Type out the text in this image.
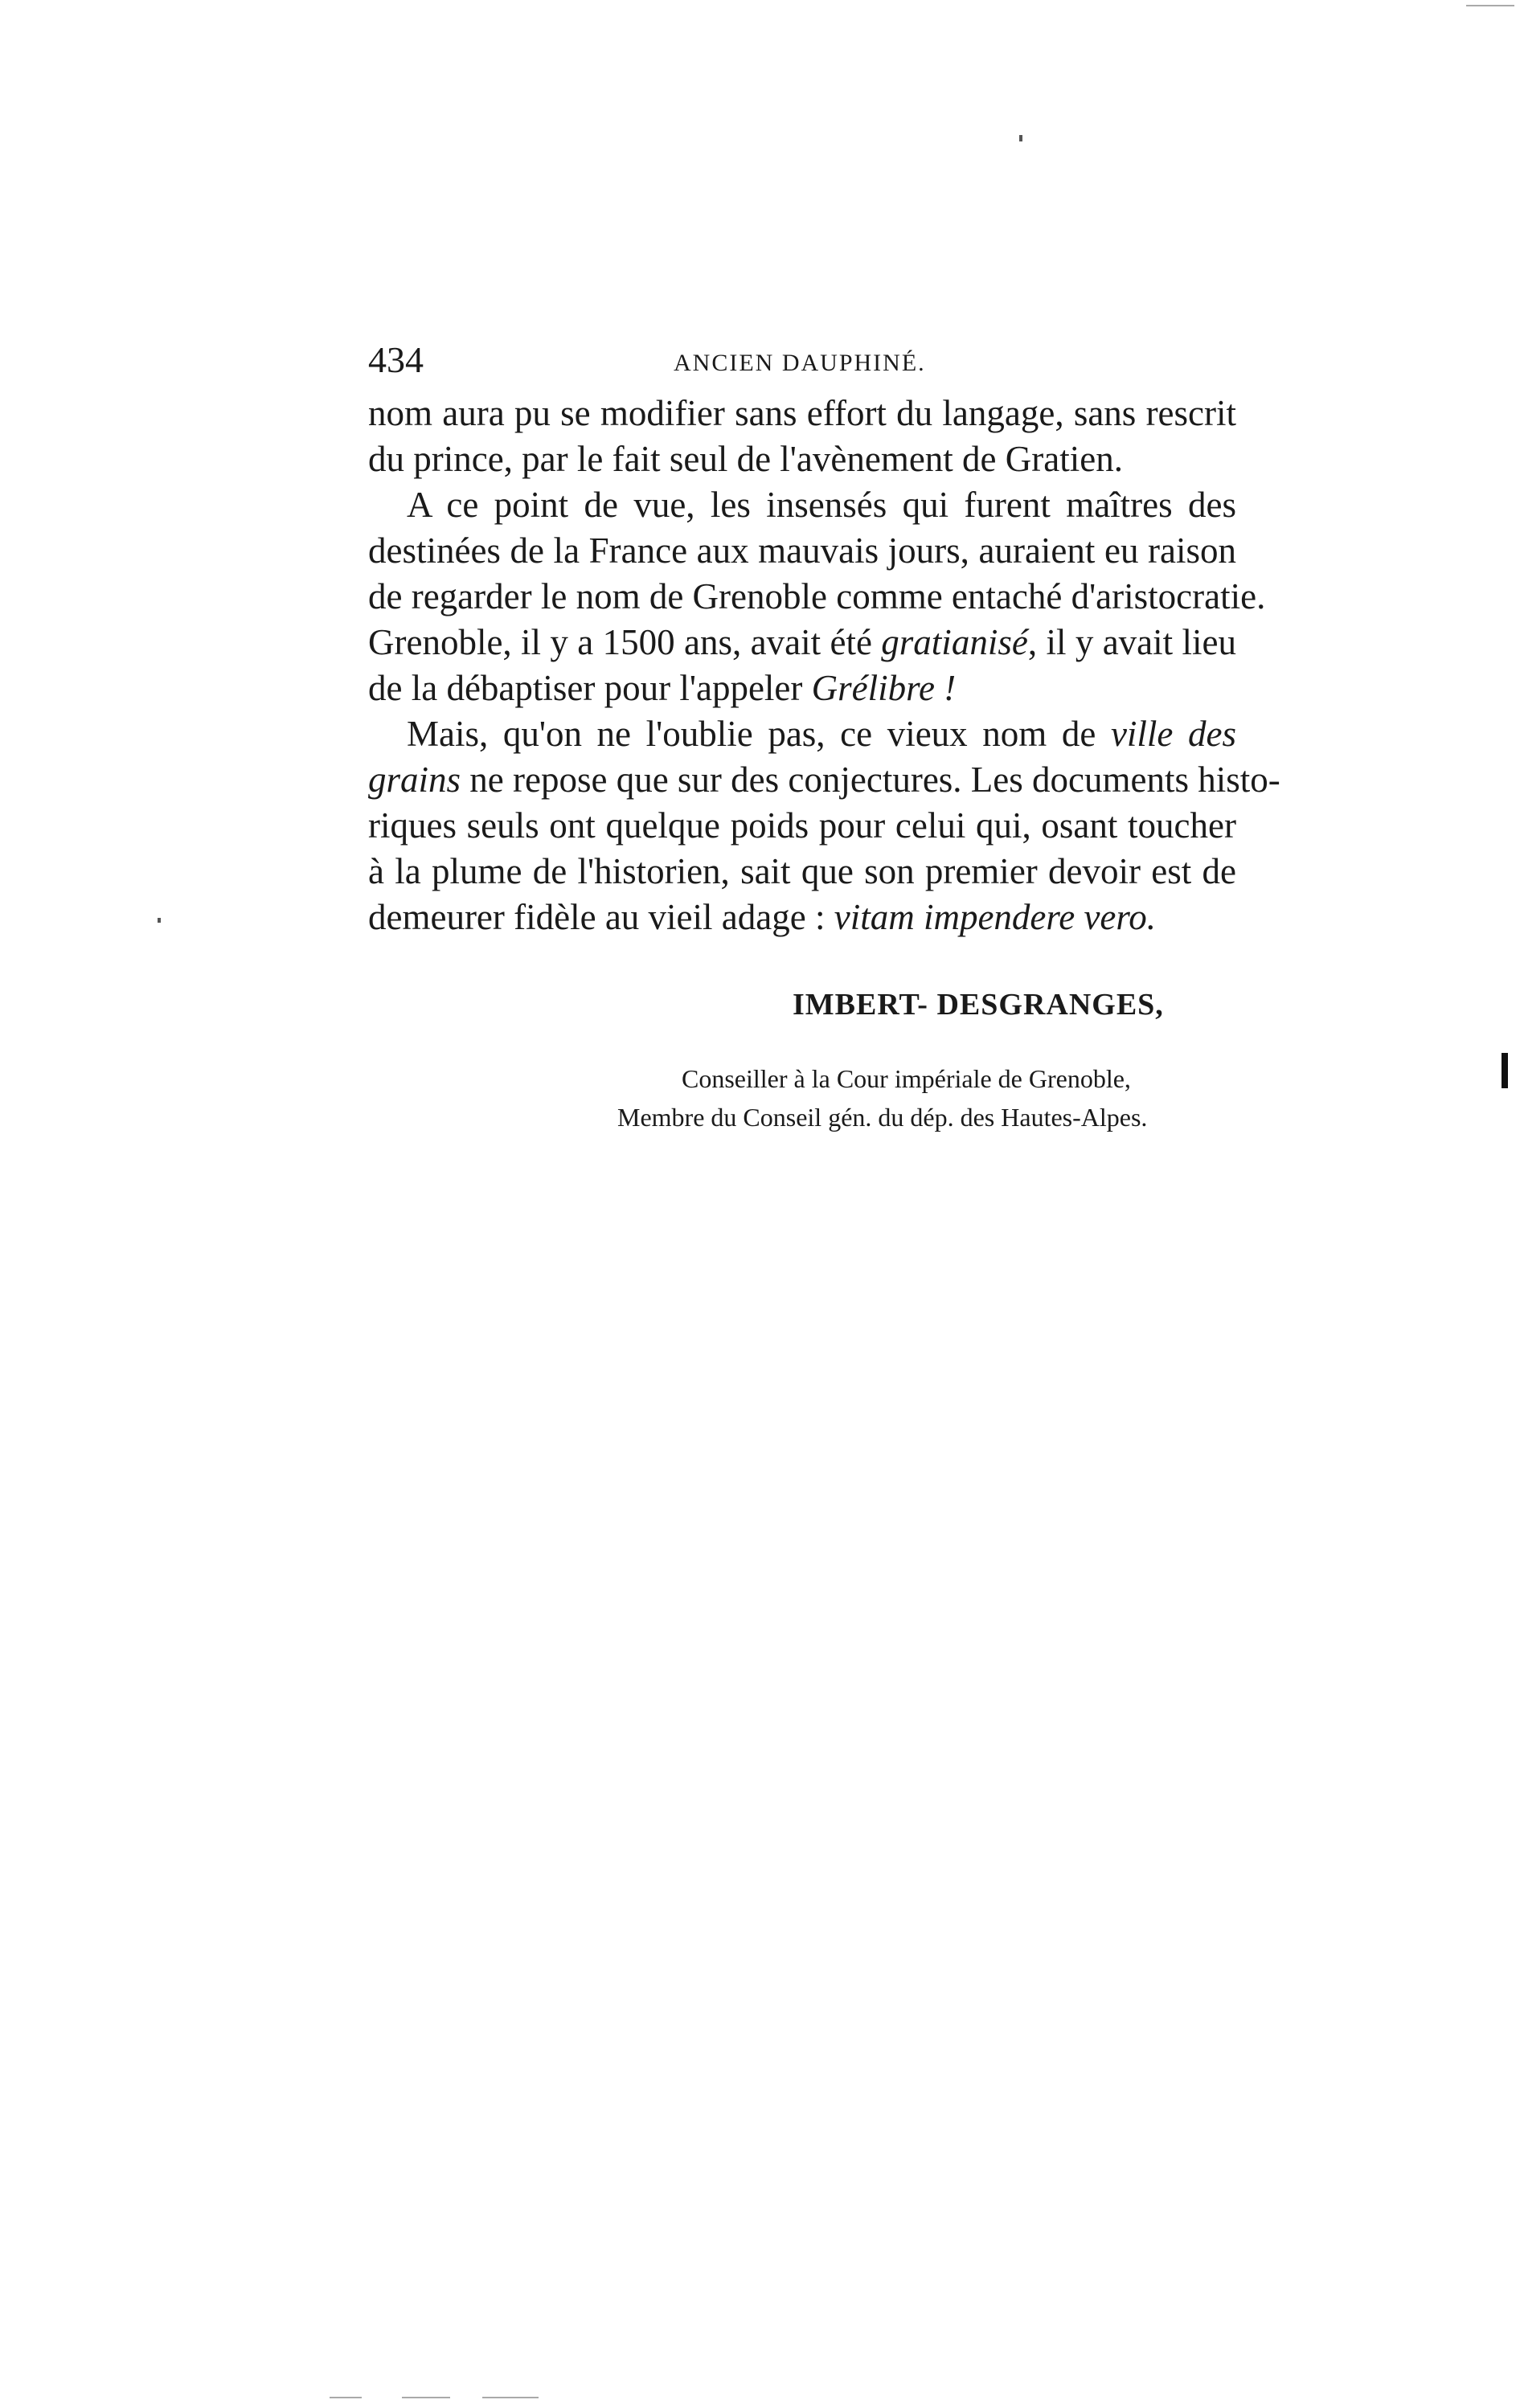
434	ANCIEN DAUPHINÉ.
nom aura pu se modifier sans effort du langage, sans rescrit
du prince, par le fait seul de l'avènement de Gratien.
A ce point de vue, les insensés qui furent maîtres des
destinées de la France aux mauvais jours, auraient eu raison
de regarder le nom de Grenoble comme entaché d'aristocratie.
Grenoble, il y a 1500 ans, avait été gratianisé, il y avait lieu
de la débaptiser pour l'appeler Grélibre !
Mais, qu'on ne l'oublie pas, ce vieux nom de ville des
grains ne repose que sur des conjectures. Les documents histo-
riques seuls ont quelque poids pour celui qui, osant toucher
à la plume de l'historien, sait que son premier devoir est de
demeurer fidèle au vieil adage : vitam impendere vero.
IMBERT- DESGRANGES,
Conseiller à la Cour impériale de Grenoble,
Membre du Conseil gén. du dép. des Hautes-Alpes.
